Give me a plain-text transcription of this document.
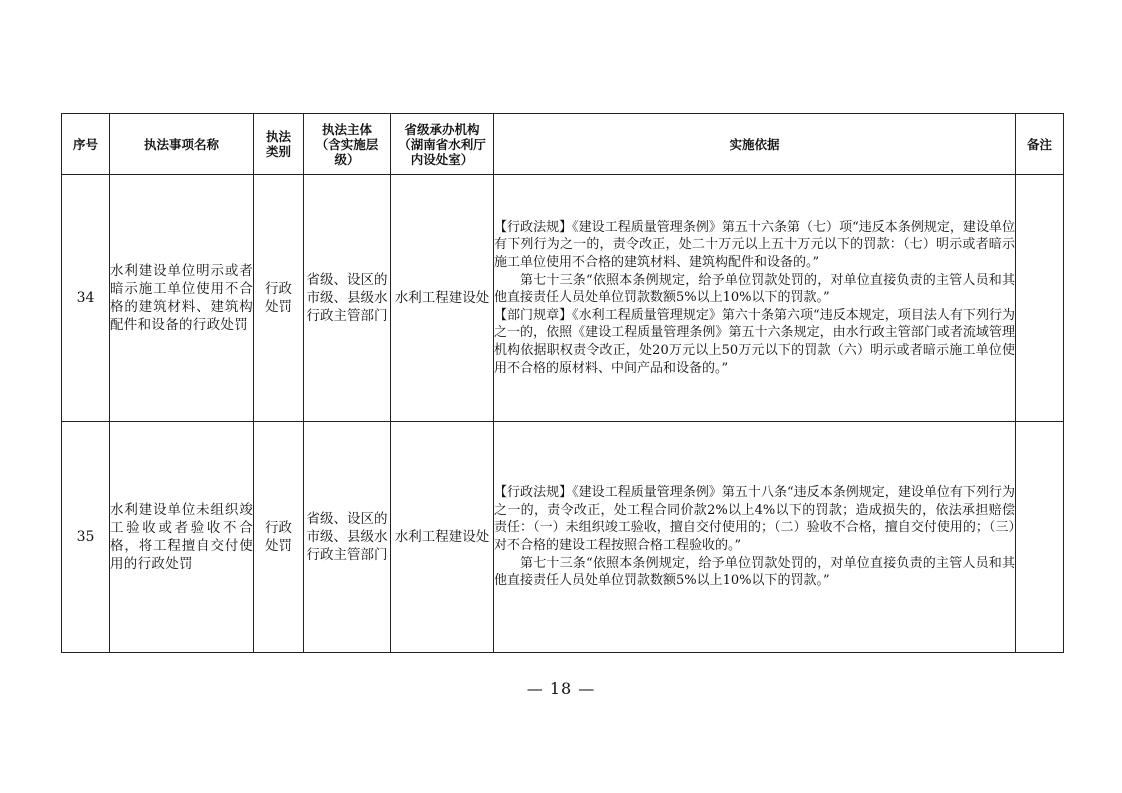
序号	执法事项名称	执法类别	执法主体（含实施层级）	省级承办机构（湖南省水利厅内设处室）	实施依据	备注
34	水利建设单位明示或者暗示施工单位使用不合格的建筑材料、建筑构配件和设备的行政处罚	行政处罚	省级、设区的市级、县级水行政主管部门	水利工程建设处	【行政法规】《建设工程质量管理条例》第五十六条第（七）项“违反本条例规定，建设单位有下列行为之一的，责令改正，处二十万元以上五十万元以下的罚款：（七）明示或者暗示施工单位使用不合格的建筑材料、建筑构配件和设备的。”

第七十三条“依照本条例规定，给予单位罚款处罚的，对单位直接负责的主管人员和其他直接责任人员处单位罚款数额5%以上10%以下的罚款。”

【部门规章】《水利工程质量管理规定》第六十条第六项“违反本规定，项目法人有下列行为之一的，依照《建设工程质量管理条例》第五十六条规定，由水行政主管部门或者流域管理机构依据职权责令改正，处20万元以上50万元以下的罚款（六）明示或者暗示施工单位使用不合格的原材料、中间产品和设备的。”	

35	水利建设单位未组织竣工验收或者验收不合格，将工程擅自交付使用的行政处罚	行政处罚	省级、设区的市级、县级水行政主管部门	水利工程建设处	【行政法规】《建设工程质量管理条例》第五十八条“违反本条例规定，建设单位有下列行为之一的，责令改正，处工程合同价款2%以上4%以下的罚款；造成损失的，依法承担赔偿责任：（一）未组织竣工验收，擅自交付使用的；（二）验收不合格，擅自交付使用的；（三）对不合格的建设工程按照合格工程验收的。”

第七十三条“依照本条例规定，给予单位罚款处罚的，对单位直接负责的主管人员和其他直接责任人员处单位罚款数额5%以上10%以下的罚款。”	

— 18 —
